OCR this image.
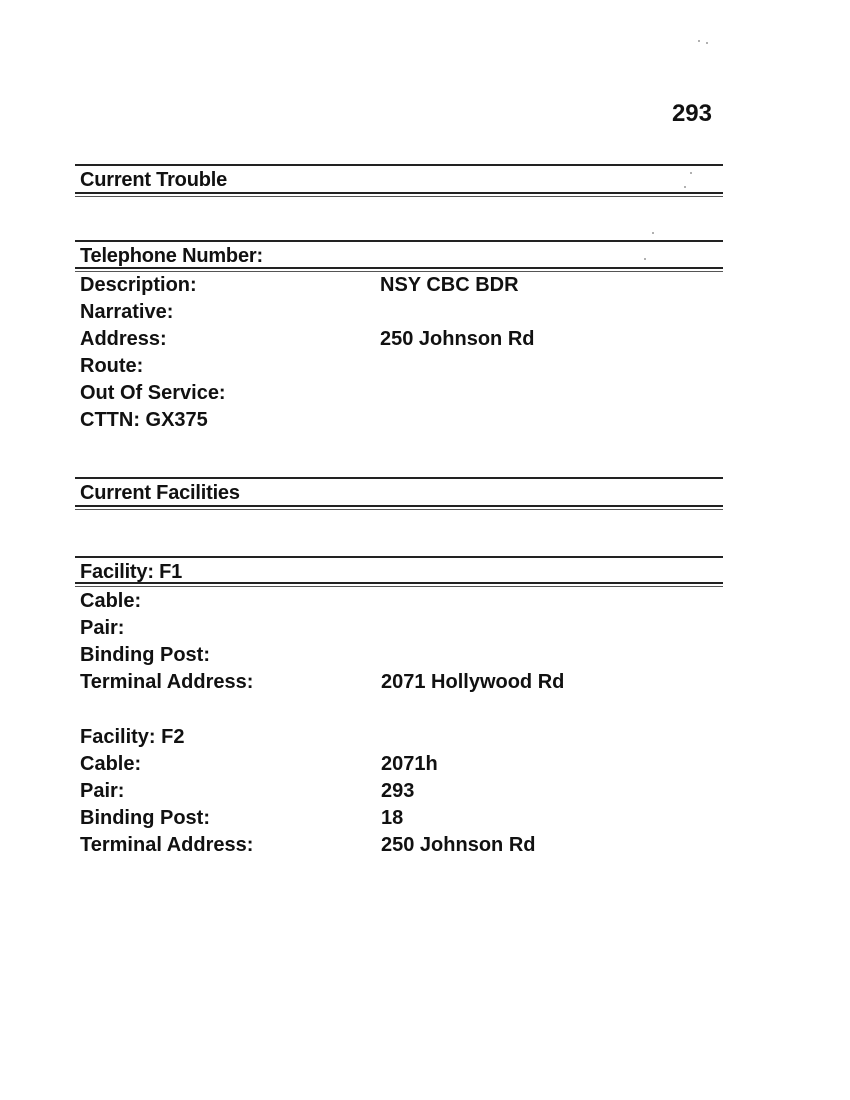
293
Current Trouble
Telephone Number:
Description:	NSY CBC BDR
Narrative:
Address:	250 Johnson Rd
Route:
Out Of Service:
CTTN: GX375
Current Facilities
Facility: F1
Cable:
Pair:
Binding Post:
Terminal Address:	2071 Hollywood Rd
Facility: F2
Cable:	2071h
Pair:	293
Binding Post:	18
Terminal Address:	250 Johnson Rd
